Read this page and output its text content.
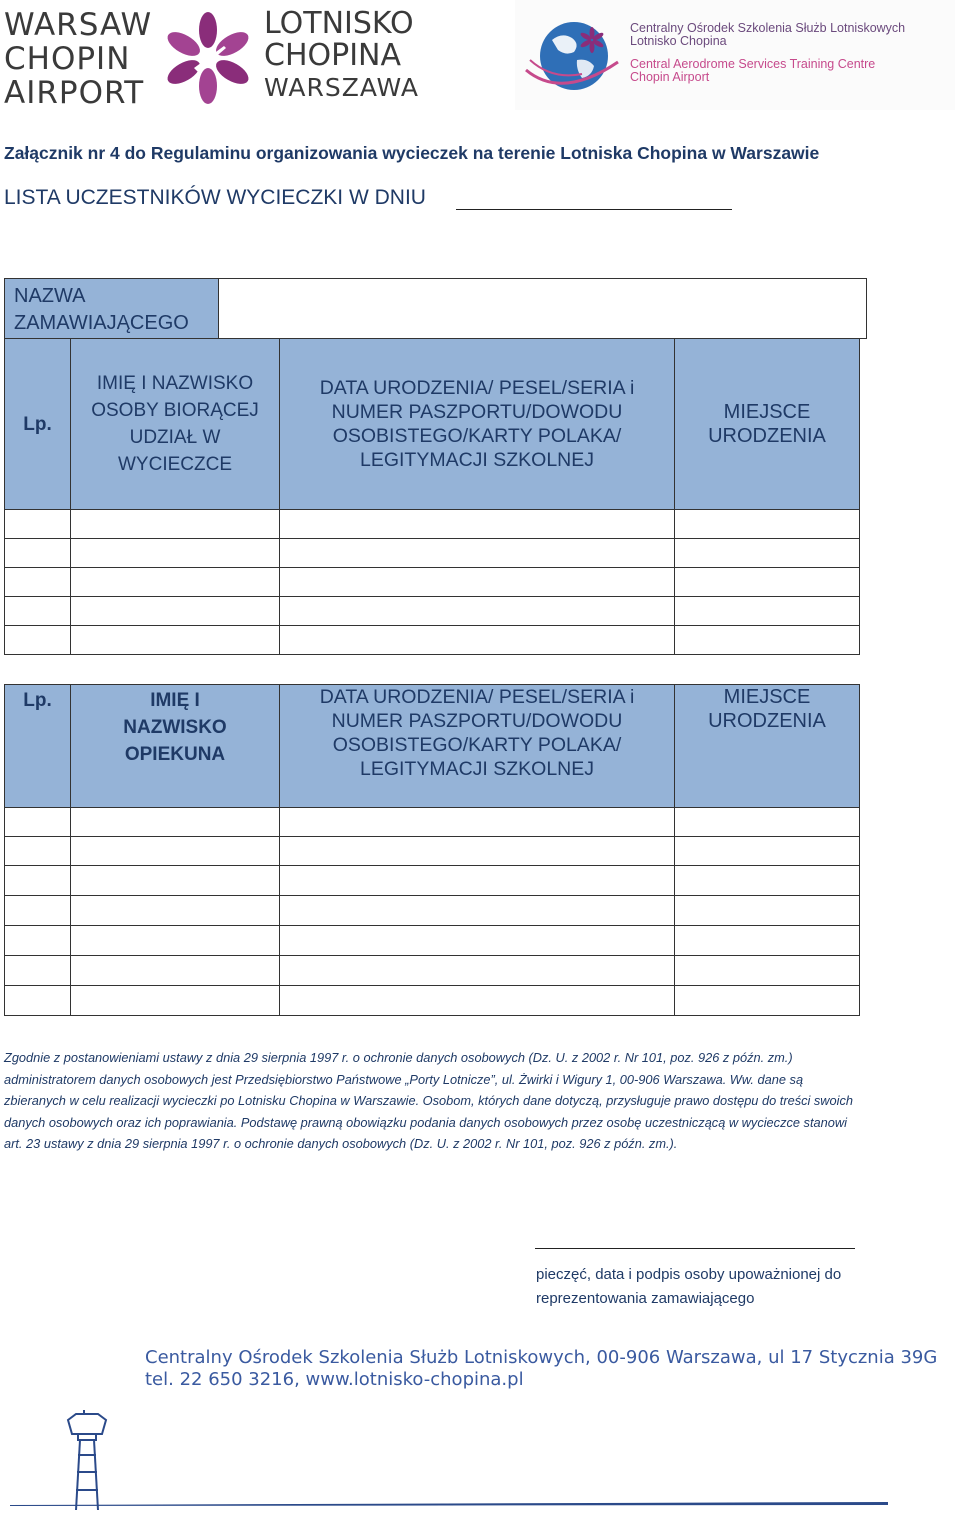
WARSAW
CHOPIN
AIRPORT
LOTNISKO
CHOPINA
WARSZAWA
Centralny Ośrodek Szkolenia Służb Lotniskowych
Lotnisko Chopina
Central Aerodrome Services Training Centre
Chopin Airport
Załącznik nr 4 do Regulaminu organizowania wycieczek na terenie Lotniska Chopina w Warszawie
LISTA UCZESTNIKÓW WYCIECZKI W DNIU
NAZWA ZAMAWIAJĄCEGO

Lp.	IMIĘ I NAZWISKO OSOBY BIORĄCEJ UDZIAŁ W WYCIECZCE	DATA URODZENIA/ PESEL/SERIA i NUMER PASZPORTU/DOWODU OSOBISTEGO/KARTY POLAKA/ LEGITYMACJI SZKOLNEJ	MIEJSCE URODZENIA

Lp.	IMIĘ I NAZWISKO OPIEKUNA	DATA URODZENIA/ PESEL/SERIA i NUMER PASZPORTU/DOWODU OSOBISTEGO/KARTY POLAKA/ LEGITYMACJI SZKOLNEJ	MIEJSCE URODZENIA

Zgodnie z postanowieniami ustawy z dnia 29 sierpnia 1997 r. o ochronie danych osobowych (Dz. U. z 2002 r. Nr 101, poz. 926 z późn. zm.) administratorem danych osobowych jest Przedsiębiorstwo Państwowe „Porty Lotnicze”, ul. Żwirki i Wigury 1, 00-906 Warszawa. Ww. dane są zbieranych w celu realizacji wycieczki po Lotnisku Chopina w Warszawie. Osobom, których dane dotyczą, przysługuje prawo dostępu do treści swoich danych osobowych oraz ich poprawiania. Podstawę prawną obowiązku podania danych osobowych przez osobę uczestniczącą w wycieczce stanowi art. 23 ustawy z dnia 29 sierpnia 1997 r. o ochronie danych osobowych (Dz. U. z 2002 r. Nr 101, poz. 926 z późn. zm.).
pieczęć, data i podpis osoby upoważnionej do
reprezentowania zamawiającego
Centralny Ośrodek Szkolenia Służb Lotniskowych, 00-906 Warszawa, ul 17 Stycznia 39G
tel. 22 650 3216, www.lotnisko-chopina.pl
